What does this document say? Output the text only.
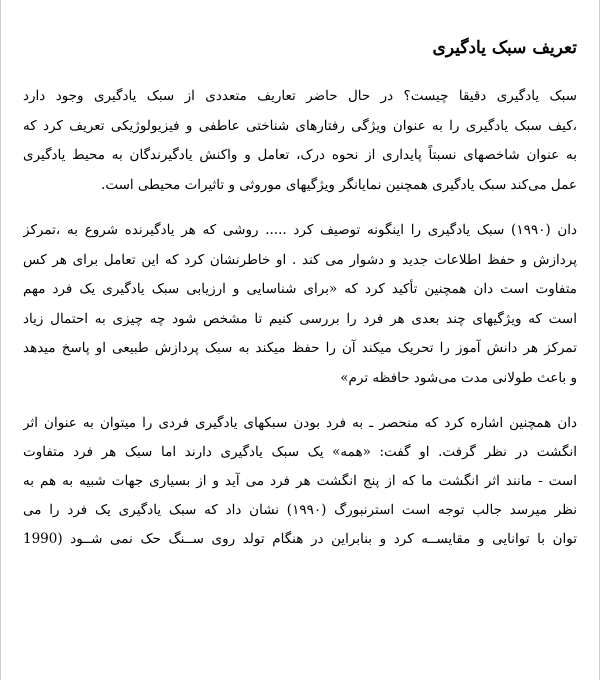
تعریف سبک یادگیری
سبک یادگیری دقیقا چیست؟ در حال حاضر تعاریف متعددی از سبک یادگیری وجود دارد
،کیف سبک یادگیری را به عنوان ویژگی رفتارهای شناختی عاطفی و فیزیولوژیکی تعریف کرد که
به عنوان شاخصهای نسبتاً پایداری از نحوه درک، تعامل و واکنش یادگیرندگان به محیط یادگیری
عمل می‌کند سبک یادگیری همچنین نمایانگر ویژگیهای موروثی و تاثیرات محیطی است.
دان (۱۹۹۰) سبک یادگیری را اینگونه توصیف کرد ..... روشی که هر یادگیرنده شروع به ،تمرکز
پردازش و حفظ اطلاعات جدید و دشوار می کند . او خاطرنشان کرد که این تعامل برای هر کس
متفاوت است دان همچنین تأکید کرد که «برای شناسایی و ارزیابی سبک یادگیری یک فرد مهم
است که ویژگیهای چند بعدی هر فرد را بررسی کنیم تا مشخص شود چه چیزی به احتمال زیاد
تمرکز هر دانش آموز را تحریک میکند آن را حفظ میکند به سبک پردازش طبیعی او پاسخ میدهد
و باعث طولانی مدت می‌شود حافظه ترم»
دان همچنین اشاره کرد که منحصر ـ به فرد بودن سبکهای یادگیری فردی را میتوان به عنوان اثر
انگشت در نظر گرفت. او گفت: «همه» یک سبک یادگیری دارند اما سبک هر فرد متفاوت
است - مانند اثر انگشت ما که از پنج انگشت هر فرد می آید و از بسیاری جهات شبیه به هم به
نظر میرسد جالب توجه است استرنبورگ (۱۹۹۰) نشان داد که سبک یادگیری یک فرد را می
توان با توانایی و مقایســه کرد و بنابراین در هنگام تولد روی ســنگ حک نمی شــود (1990
